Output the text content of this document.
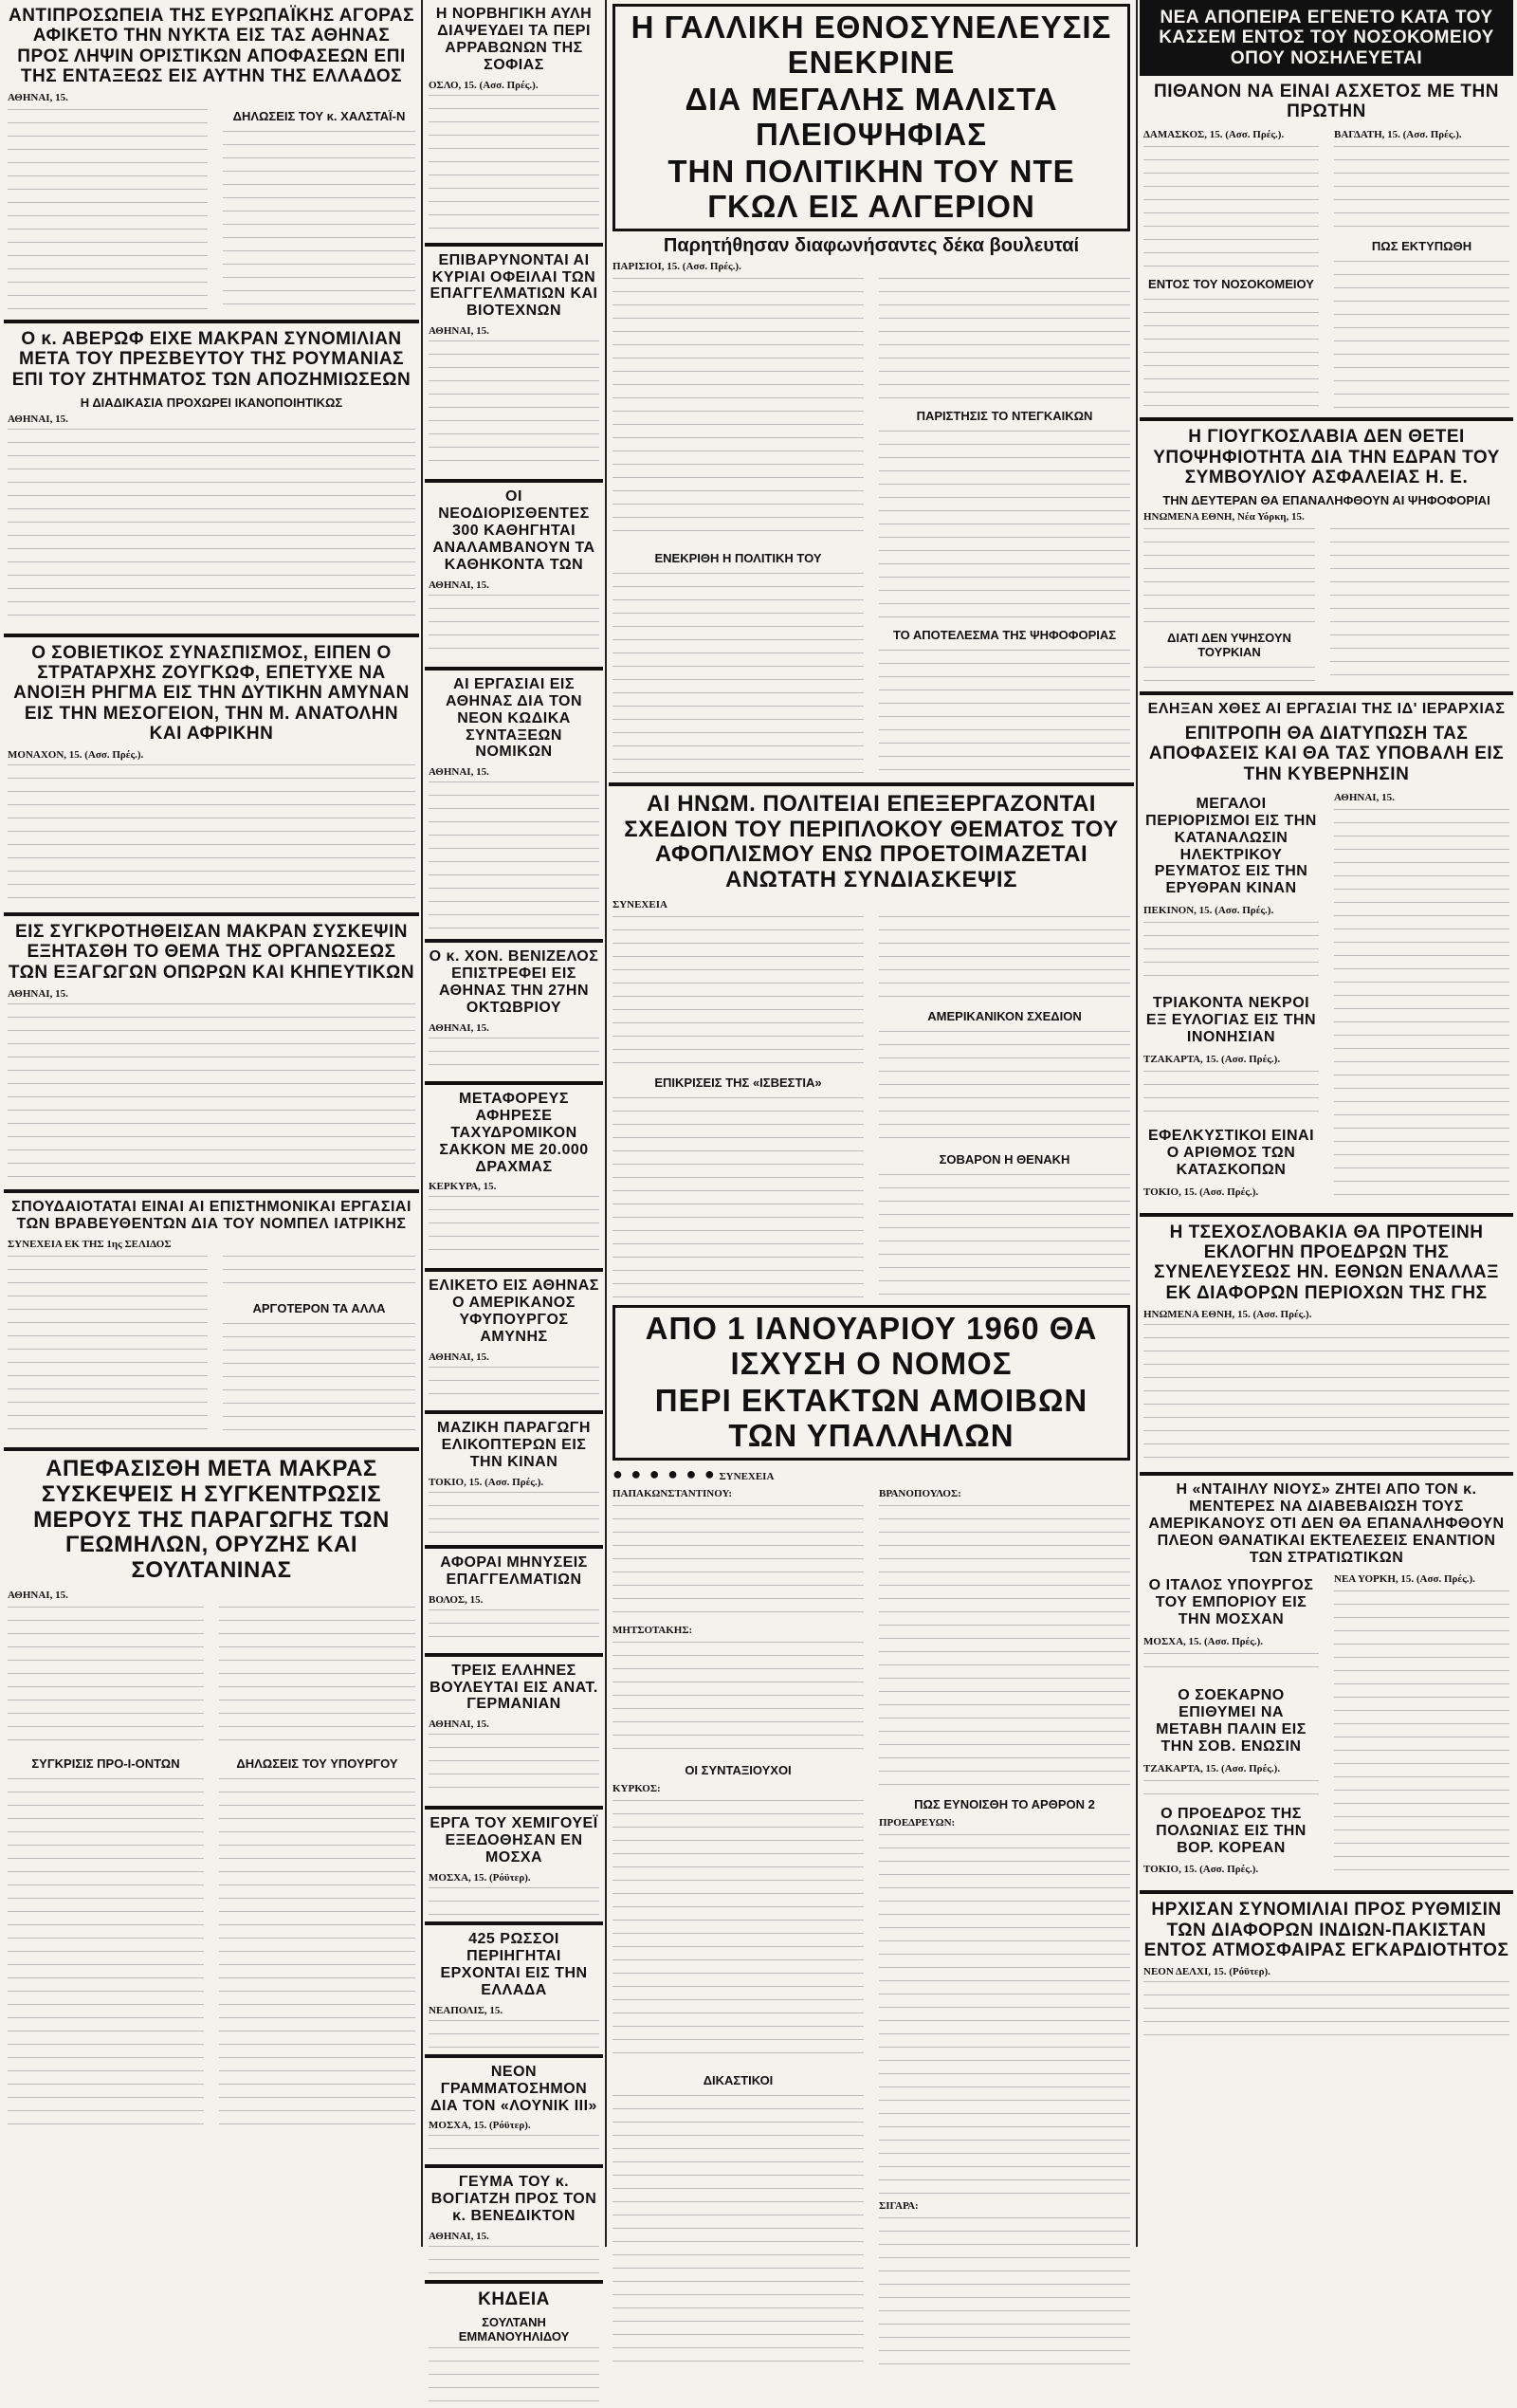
ΑΝΤΙΠΡΟΣΩΠΕΙΑ ΤΗΣ ΕΥΡΩΠΑΪΚΗΣ ΑΓΟΡΑΣ ΑΦΙΚΕΤΟ ΤΗΝ ΝΥΚΤΑ ΕΙΣ ΤΑΣ ΑΘΗΝΑΣ ΠΡΟΣ ΛΗΨΙΝ ΟΡΙΣΤΙΚΩΝ ΑΠΟΦΑΣΕΩΝ ΕΠΙ ΤΗΣ ΕΝΤΑΞΕΩΣ ΕΙΣ ΑΥΤΗΝ ΤΗΣ ΕΛΛΑΔΟΣ
ΑΘΗΝΑΙ, 15.
ΔΗΛΩΣΕΙΣ ΤΟΥ κ. ΧΑΛΣΤΑΪ-Ν
Ο κ. ΑΒΕΡΩΦ ΕΙΧΕ ΜΑΚΡΑΝ ΣΥΝΟΜΙΛΙΑΝ ΜΕΤΑ ΤΟΥ ΠΡΕΣΒΕΥΤΟΥ ΤΗΣ ΡΟΥΜΑΝΙΑΣ ΕΠΙ ΤΟΥ ΖΗΤΗΜΑΤΟΣ ΤΩΝ ΑΠΟΖΗΜΙΩΣΕΩΝ
Η ΔΙΑΔΙΚΑΣΙΑ ΠΡΟΧΩΡΕΙ ΙΚΑΝΟΠΟΙΗΤΙΚΩΣ
ΑΘΗΝΑΙ, 15.
Ο ΣΟΒΙΕΤΙΚΟΣ ΣΥΝΑΣΠΙΣΜΟΣ, ΕΙΠΕΝ Ο ΣΤΡΑΤΑΡΧΗΣ ΖΟΥΓΚΩΦ, ΕΠΕΤΥΧΕ ΝΑ ΑΝΟΙΞΗ ΡΗΓΜΑ ΕΙΣ ΤΗΝ ΔΥΤΙΚΗΝ ΑΜΥΝΑΝ ΕΙΣ ΤΗΝ ΜΕΣΟΓΕΙΟΝ, ΤΗΝ Μ. ΑΝΑΤΟΛΗΝ ΚΑΙ ΑΦΡΙΚΗΝ
ΜΟΝΑΧΟΝ, 15. (Ασσ. Πρές.).
ΕΙΣ ΣΥΓΚΡΟΤΗΘΕΙΣΑΝ ΜΑΚΡΑΝ ΣΥΣΚΕΨΙΝ ΕΞΗΤΑΣΘΗ ΤΟ ΘΕΜΑ ΤΗΣ ΟΡΓΑΝΩΣΕΩΣ ΤΩΝ ΕΞΑΓΩΓΩΝ ΟΠΩΡΩΝ ΚΑΙ ΚΗΠΕΥΤΙΚΩΝ
ΑΘΗΝΑΙ, 15.
ΣΠΟΥΔΑΙΟΤΑΤΑΙ ΕΙΝΑΙ ΑΙ ΕΠΙΣΤΗΜΟΝΙΚΑΙ ΕΡΓΑΣΙΑΙ ΤΩΝ ΒΡΑΒΕΥΘΕΝΤΩΝ ΔΙΑ ΤΟΥ ΝΟΜΠΕΛ ΙΑΤΡΙΚΗΣ
ΣΥΝΕΧΕΙΑ ΕΚ ΤΗΣ 1ης ΣΕΛΙΔΟΣ
ΑΡΓΟΤΕΡΟΝ ΤΑ ΑΛΛΑ
ΑΠΕΦΑΣΙΣΘΗ ΜΕΤΑ ΜΑΚΡΑΣ ΣΥΣΚΕΨΕΙΣ Η ΣΥΓΚΕΝΤΡΩΣΙΣ ΜΕΡΟΥΣ ΤΗΣ ΠΑΡΑΓΩΓΗΣ ΤΩΝ ΓΕΩΜΗΛΩΝ, ΟΡΥΖΗΣ ΚΑΙ ΣΟΥΛΤΑΝΙΝΑΣ
ΑΘΗΝΑΙ, 15.
ΣΥΓΚΡΙΣΙΣ ΠΡΟ-Ι-ΟΝΤΩΝ	ΔΗΛΩΣΕΙΣ ΤΟΥ ΥΠΟΥΡΓΟΥ
Η ΝΟΡΒΗΓΙΚΗ ΑΥΛΗ ΔΙΑΨΕΥΔΕΙ ΤΑ ΠΕΡΙ ΑΡΡΑΒΩΝΩΝ ΤΗΣ ΣΟΦΙΑΣ
ΟΣΛΟ, 15. (Ασσ. Πρές.).
ΕΠΙΒΑΡΥΝΟΝΤΑΙ ΑΙ ΚΥΡΙΑΙ ΟΦΕΙΛΑΙ ΤΩΝ ΕΠΑΓΓΕΛΜΑΤΙΩΝ ΚΑΙ ΒΙΟΤΕΧΝΩΝ
ΑΘΗΝΑΙ, 15.
ΟΙ ΝΕΟΔΙΟΡΙΣΘΕΝΤΕΣ 300 ΚΑΘΗΓΗΤΑΙ ΑΝΑΛΑΜΒΑΝΟΥΝ ΤΑ ΚΑΘΗΚΟΝΤΑ ΤΩΝ
ΑΘΗΝΑΙ, 15.
ΑΙ ΕΡΓΑΣΙΑΙ ΕΙΣ ΑΘΗΝΑΣ ΔΙΑ ΤΟΝ ΝΕΟΝ ΚΩΔΙΚΑ ΣΥΝΤΑΞΕΩΝ ΝΟΜΙΚΩΝ
ΑΘΗΝΑΙ, 15.
Ο κ. ΧΟΝ. ΒΕΝΙΖΕΛΟΣ ΕΠΙΣΤΡΕΦΕΙ ΕΙΣ ΑΘΗΝΑΣ ΤΗΝ 27ΗΝ ΟΚΤΩΒΡΙΟΥ
ΑΘΗΝΑΙ, 15.
ΜΕΤΑΦΟΡΕΥΣ ΑΦΗΡΕΣΕ ΤΑΧΥΔΡΟΜΙΚΟΝ ΣΑΚΚΟΝ ΜΕ 20.000 ΔΡΑΧΜΑΣ
ΚΕΡΚΥΡΑ, 15.
ΕΛΙΚΕΤΟ ΕΙΣ ΑΘΗΝΑΣ Ο ΑΜΕΡΙΚΑΝΟΣ ΥΦΥΠΟΥΡΓΟΣ ΑΜΥΝΗΣ
ΑΘΗΝΑΙ, 15.
ΜΑΖΙΚΗ ΠΑΡΑΓΩΓΗ ΕΛΙΚΟΠΤΕΡΩΝ ΕΙΣ ΤΗΝ ΚΙΝΑΝ
ΤΟΚΙΟ, 15. (Ασσ. Πρές.).
ΑΦΟΡΑΙ ΜΗΝΥΣΕΙΣ ΕΠΑΓΓΕΛΜΑΤΙΩΝ
ΒΟΛΟΣ, 15.
ΤΡΕΙΣ ΕΛΛΗΝΕΣ ΒΟΥΛΕΥΤΑΙ ΕΙΣ ΑΝΑΤ. ΓΕΡΜΑΝΙΑΝ
ΑΘΗΝΑΙ, 15.
ΕΡΓΑ ΤΟΥ ΧΕΜΙΓΟΥΕΪ ΕΞΕΔΟΘΗΣΑΝ ΕΝ ΜΟΣΧΑ
ΜΟΣΧΑ, 15. (Ρόϋτερ).
425 ΡΩΣΣΟΙ ΠΕΡΙΗΓΗΤΑΙ ΕΡΧΟΝΤΑΙ ΕΙΣ ΤΗΝ ΕΛΛΑΔΑ
ΝΕΑΠΟΛΙΣ, 15.
ΝΕΟΝ ΓΡΑΜΜΑΤΟΣΗΜΟΝ ΔΙΑ ΤΟΝ «ΛΟΥΝΙΚ ΙΙΙ»
ΜΟΣΧΑ, 15. (Ρόϋτερ).
ΓΕΥΜΑ ΤΟΥ κ. ΒΟΓΙΑΤΖΗ ΠΡΟΣ ΤΟΝ κ. ΒΕΝΕΔΙΚΤΟΝ
ΑΘΗΝΑΙ, 15.
ΚΗΔΕΙΑ
ΣΟΥΛΤΑΝΗ ΕΜΜΑΝΟΥΗΛΙΔΟΥ
Η ΓΑΛΛΙΚΗ ΕΘΝΟΣΥΝΕΛΕΥΣΙΣ ΕΝΕΚΡΙΝΕ
ΔΙΑ ΜΕΓΑΛΗΣ ΜΑΛΙΣΤΑ ΠΛΕΙΟΨΗΦΙΑΣ
ΤΗΝ ΠΟΛΙΤΙΚΗΝ ΤΟΥ ΝΤΕ ΓΚΩΛ ΕΙΣ ΑΛΓΕΡΙΟΝ
Παρητήθησαν διαφωνήσαντες δέκα βουλευταί
ΠΑΡΙΣΙΟΙ, 15. (Ασσ. Πρές.).
ΕΝΕΚΡΙΘΗ Η ΠΟΛΙΤΙΚΗ ΤΟΥ
ΠΑΡΙΣΤΗΣΙΣ ΤΟ ΝΤΕΓΚΑΙΚΩΝ
ΤΟ ΑΠΟΤΕΛΕΣΜΑ ΤΗΣ ΨΗΦΟΦΟΡΙΑΣ
ΑΙ ΗΝΩΜ. ΠΟΛΙΤΕΙΑΙ ΕΠΕΞΕΡΓΑΖΟΝΤΑΙ ΣΧΕΔΙΟΝ ΤΟΥ ΠΕΡΙΠΛΟΚΟΥ ΘΕΜΑΤΟΣ ΤΟΥ ΑΦΟΠΛΙΣΜΟΥ ΕΝΩ ΠΡΟΕΤΟΙΜΑΖΕΤΑΙ ΑΝΩΤΑΤΗ ΣΥΝΔΙΑΣΚΕΨΙΣ
ΣΥΝΕΧΕΙΑ
ΕΠΙΚΡΙΣΕΙΣ ΤΗΣ «ΙΣΒΕΣΤΙΑ»
ΑΜΕΡΙΚΑΝΙΚΟΝ ΣΧΕΔΙΟΝ
ΣΟΒΑΡΟΝ Η ΘΕΝΑΚΗ
ΑΠΟ 1 ΙΑΝΟΥΑΡΙΟΥ 1960 ΘΑ ΙΣΧΥΣΗ Ο ΝΟΜΟΣ
ΠΕΡΙ ΕΚΤΑΚΤΩΝ ΑΜΟΙΒΩΝ ΤΩΝ ΥΠΑΛΛΗΛΩΝ
● ● ● ● ● ● ΣΥΝΕΧΕΙΑ
ΠΑΠΑΚΩΝΣΤΑΝΤΙΝΟΥ:
ΜΗΤΣΟΤΑΚΗΣ:
ΟΙ ΣΥΝΤΑΞΙΟΥΧΟΙ
ΚΥΡΚΟΣ:
ΔΙΚΑΣΤΙΚΟΙ
ΒΡΑΝΟΠΟΥΛΟΣ:
ΠΩΣ ΕΥΝΟΙΣΘΗ ΤΟ ΑΡΘΡΟΝ 2
ΠΡΟΕΔΡΕΥΩΝ:
ΣΙΓΑΡΑ:
ΝΕΑ ΑΠΟΠΕΙΡΑ ΕΓΕΝΕΤΟ ΚΑΤΑ ΤΟΥ ΚΑΣΣΕΜ ΕΝΤΟΣ ΤΟΥ ΝΟΣΟΚΟΜΕΙΟΥ ΟΠΟΥ ΝΟΣΗΛΕΥΕΤΑΙ
ΠΙΘΑΝΟΝ ΝΑ ΕΙΝΑΙ ΑΣΧΕΤΟΣ ΜΕ ΤΗΝ ΠΡΩΤΗΝ
ΔΑΜΑΣΚΟΣ, 15. (Ασσ. Πρές.).
ΕΝΤΟΣ ΤΟΥ ΝΟΣΟΚΟΜΕΙΟΥ
ΒΑΓΔΑΤΗ, 15. (Ασσ. Πρές.).
ΠΩΣ ΕΚΤΥΠΩΘΗ
Η ΓΙΟΥΓΚΟΣΛΑΒΙΑ ΔΕΝ ΘΕΤΕΙ ΥΠΟΨΗΦΙΟΤΗΤΑ ΔΙΑ ΤΗΝ ΕΔΡΑΝ ΤΟΥ ΣΥΜΒΟΥΛΙΟΥ ΑΣΦΑΛΕΙΑΣ Η. Ε.
ΤΗΝ ΔΕΥΤΕΡΑΝ ΘΑ ΕΠΑΝΑΛΗΦΘΟΥΝ ΑΙ ΨΗΦΟΦΟΡΙΑΙ
ΗΝΩΜΕΝΑ ΕΘΝΗ, Νέα Υόρκη, 15.
ΔΙΑΤΙ ΔΕΝ ΥΨΗΣΟΥΝ ΤΟΥΡΚΙΑΝ
ΕΛΗΞΑΝ ΧΘΕΣ ΑΙ ΕΡΓΑΣΙΑΙ ΤΗΣ ΙΔ' ΙΕΡΑΡΧΙΑΣ
ΕΠΙΤΡΟΠΗ ΘΑ ΔΙΑΤΥΠΩΣΗ ΤΑΣ ΑΠΟΦΑΣΕΙΣ ΚΑΙ ΘΑ ΤΑΣ ΥΠΟΒΑΛΗ ΕΙΣ ΤΗΝ ΚΥΒΕΡΝΗΣΙΝ
ΜΕΓΑΛΟΙ ΠΕΡΙΟΡΙΣΜΟΙ ΕΙΣ ΤΗΝ ΚΑΤΑΝΑΛΩΣΙΝ ΗΛΕΚΤΡΙΚΟΥ ΡΕΥΜΑΤΟΣ ΕΙΣ ΤΗΝ ΕΡΥΘΡΑΝ ΚΙΝΑΝ
ΠΕΚΙΝΟΝ, 15. (Ασσ. Πρές.).
ΤΡΙΑΚΟΝΤΑ ΝΕΚΡΟΙ ΕΞ ΕΥΛΟΓΙΑΣ ΕΙΣ ΤΗΝ ΙΝΟΝΗΣΙΑΝ
ΤΖΑΚΑΡΤΑ, 15. (Ασσ. Πρές.).
ΕΦΕΛΚΥΣΤΙΚΟΙ ΕΙΝΑΙ Ο ΑΡΙΘΜΟΣ ΤΩΝ ΚΑΤΑΣΚΟΠΩΝ
ΤΟΚΙΟ, 15. (Ασσ. Πρές.).
ΑΘΗΝΑΙ, 15.
Η ΤΣΕΧΟΣΛΟΒΑΚΙΑ ΘΑ ΠΡΟΤΕΙΝΗ ΕΚΛΟΓΗΝ ΠΡΟΕΔΡΩΝ ΤΗΣ ΣΥΝΕΛΕΥΣΕΩΣ ΗΝ. ΕΘΝΩΝ ΕΝΑΛΛΑΞ ΕΚ ΔΙΑΦΟΡΩΝ ΠΕΡΙΟΧΩΝ ΤΗΣ ΓΗΣ
ΗΝΩΜΕΝΑ ΕΘΝΗ, 15. (Ασσ. Πρές.).
Η «ΝΤΑΙΗΛΥ ΝΙΟΥΣ» ΖΗΤΕΙ ΑΠΟ ΤΟΝ κ. ΜΕΝΤΕΡΕΣ ΝΑ ΔΙΑΒΕΒΑΙΩΣΗ ΤΟΥΣ ΑΜΕΡΙΚΑΝΟΥΣ ΟΤΙ ΔΕΝ ΘΑ ΕΠΑΝΑΛΗΦΘΟΥΝ ΠΛΕΟΝ ΘΑΝΑΤΙΚΑΙ ΕΚΤΕΛΕΣΕΙΣ ΕΝΑΝΤΙΟΝ ΤΩΝ ΣΤΡΑΤΙΩΤΙΚΩΝ
Ο ΙΤΑΛΟΣ ΥΠΟΥΡΓΟΣ ΤΟΥ ΕΜΠΟΡΙΟΥ ΕΙΣ ΤΗΝ ΜΟΣΧΑΝ
ΜΟΣΧΑ, 15. (Ασσ. Πρές.).
Ο ΣΟΕΚΑΡΝΟ ΕΠΙΘΥΜΕΙ ΝΑ ΜΕΤΑΒΗ ΠΑΛΙΝ ΕΙΣ ΤΗΝ ΣΟΒ. ΕΝΩΣΙΝ
ΤΖΑΚΑΡΤΑ, 15. (Ασσ. Πρές.).
Ο ΠΡΟΕΔΡΟΣ ΤΗΣ ΠΟΛΩΝΙΑΣ ΕΙΣ ΤΗΝ ΒΟΡ. ΚΟΡΕΑΝ
ΤΟΚΙΟ, 15. (Ασσ. Πρές.).
ΝΕΑ ΥΟΡΚΗ, 15. (Ασσ. Πρές.).
ΗΡΧΙΣΑΝ ΣΥΝΟΜΙΛΙΑΙ ΠΡΟΣ ΡΥΘΜΙΣΙΝ ΤΩΝ ΔΙΑΦΟΡΩΝ ΙΝΔΙΩΝ-ΠΑΚΙΣΤΑΝ ΕΝΤΟΣ ΑΤΜΟΣΦΑΙΡΑΣ ΕΓΚΑΡΔΙΟΤΗΤΟΣ
ΝΕΟΝ ΔΕΛΧΙ, 15. (Ρόϋτερ).
